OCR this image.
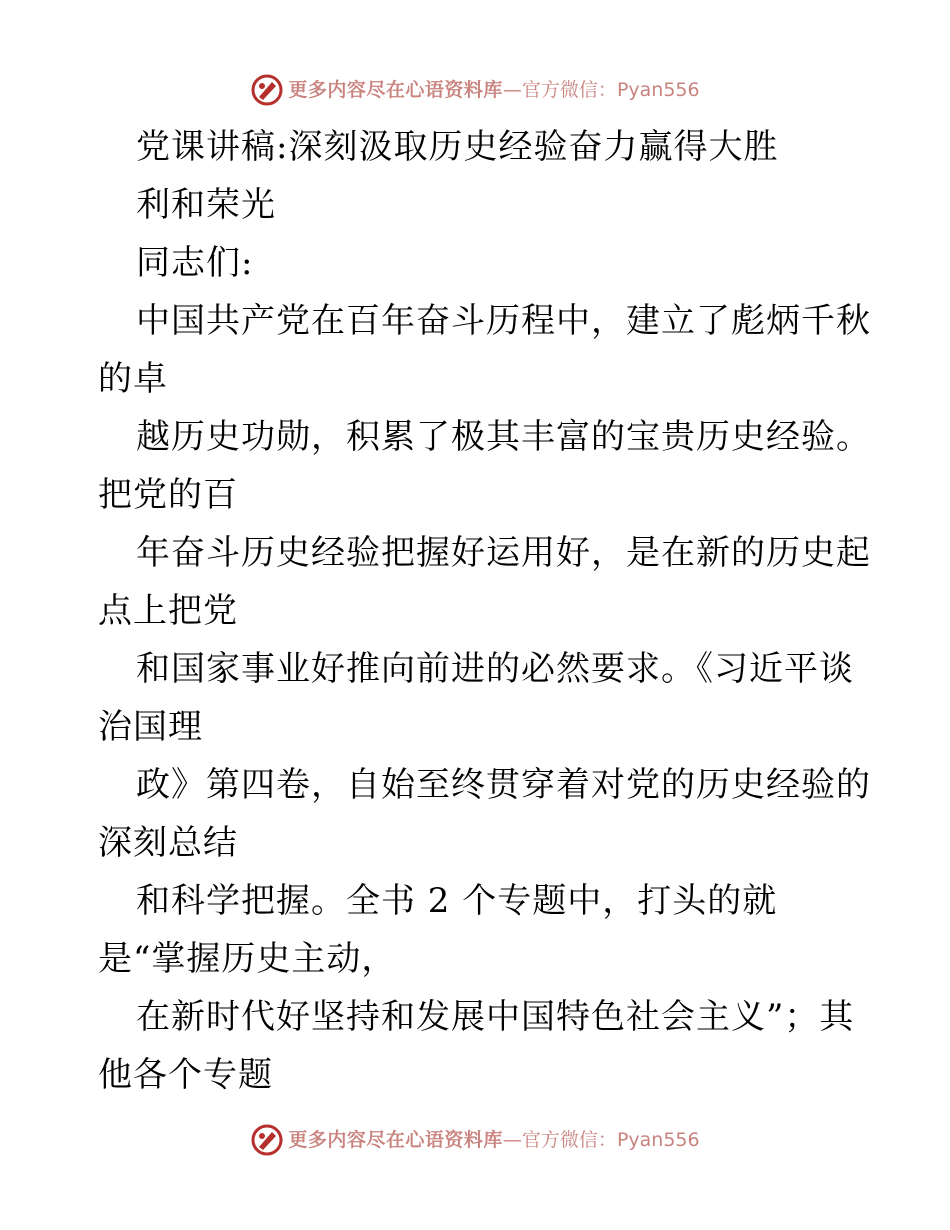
更多内容尽在心语资料库 — 官方微信： Pyan556
党课讲稿:深刻汲取历史经验奋力赢得大胜
利和荣光
同志们:
中国共产党在百年奋斗历程中，建立了彪炳千秋
的卓
越历史功勋，积累了极其丰富的宝贵历史经验。
把党的百
年奋斗历史经验把握好运用好，是在新的历史起
点上把党
和国家事业好推向前进的必然要求。《习近平谈
治国理
政》第四卷，自始至终贯穿着对党的历史经验的
深刻总结
和科学把握。全书 2 个专题中，打头的就
是“掌握历史主动，
在新时代好坚持和发展中国特色社会主义”；其
他各个专题
更多内容尽在心语资料库 — 官方微信： Pyan556
